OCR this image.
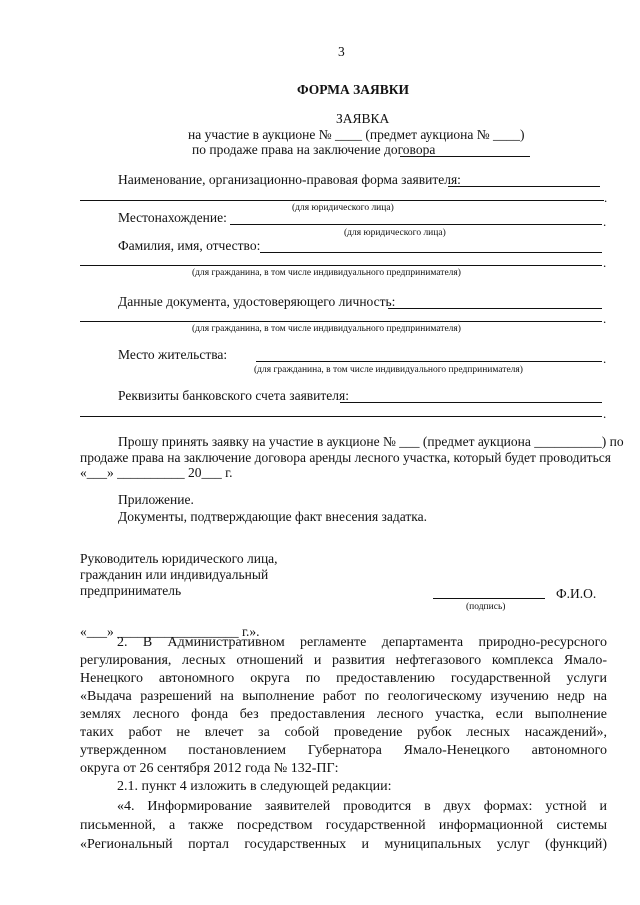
3
ФОРМА ЗАЯВКИ
ЗАЯВКА
на участие в аукционе № ____ (предмет аукциона № ____)
по продаже права на заключение договора
Наименование, организационно-правовая форма заявителя:
.
(для юридического лица)
Местонахождение:	.
(для юридического лица)
Фамилия, имя, отчество:
.
(для гражданина, в том числе индивидуального предпринимателя)
Данные документа, удостоверяющего личность:
.
(для гражданина, в том числе индивидуального предпринимателя)
Место жительства:	.
(для гражданина, в том числе индивидуального предпринимателя)
Реквизиты банковского счета заявителя:
.
Прошу принять заявку на участие в аукционе № ___ (предмет аукциона __________) по
продаже права на заключение договора аренды лесного участка, который будет проводиться
«___» __________ 20___ г.
Приложение.
Документы, подтверждающие факт внесения задатка.
Руководитель юридического лица,
гражданин или индивидуальный
предприниматель	Ф.И.О.
(подпись)
«___» __________________ г.».
2. В Административном регламенте департамента природно-ресурсного
регулирования, лесных отношений и развития нефтегазового комплекса Ямало-
Ненецкого автономного округа по предоставлению государственной услуги
«Выдача разрешений на выполнение работ по геологическому изучению недр на
землях лесного фонда без предоставления лесного участка, если выполнение
таких работ не влечет за собой проведение рубок лесных насаждений»,
утвержденном постановлением Губернатора Ямало-Ненецкого автономного
округа от 26 сентября 2012 года № 132-ПГ:
2.1. пункт 4 изложить в следующей редакции:
«4. Информирование заявителей проводится в двух формах: устной и
письменной, а также посредством государственной информационной системы
«Региональный портал государственных и муниципальных услуг (функций)
